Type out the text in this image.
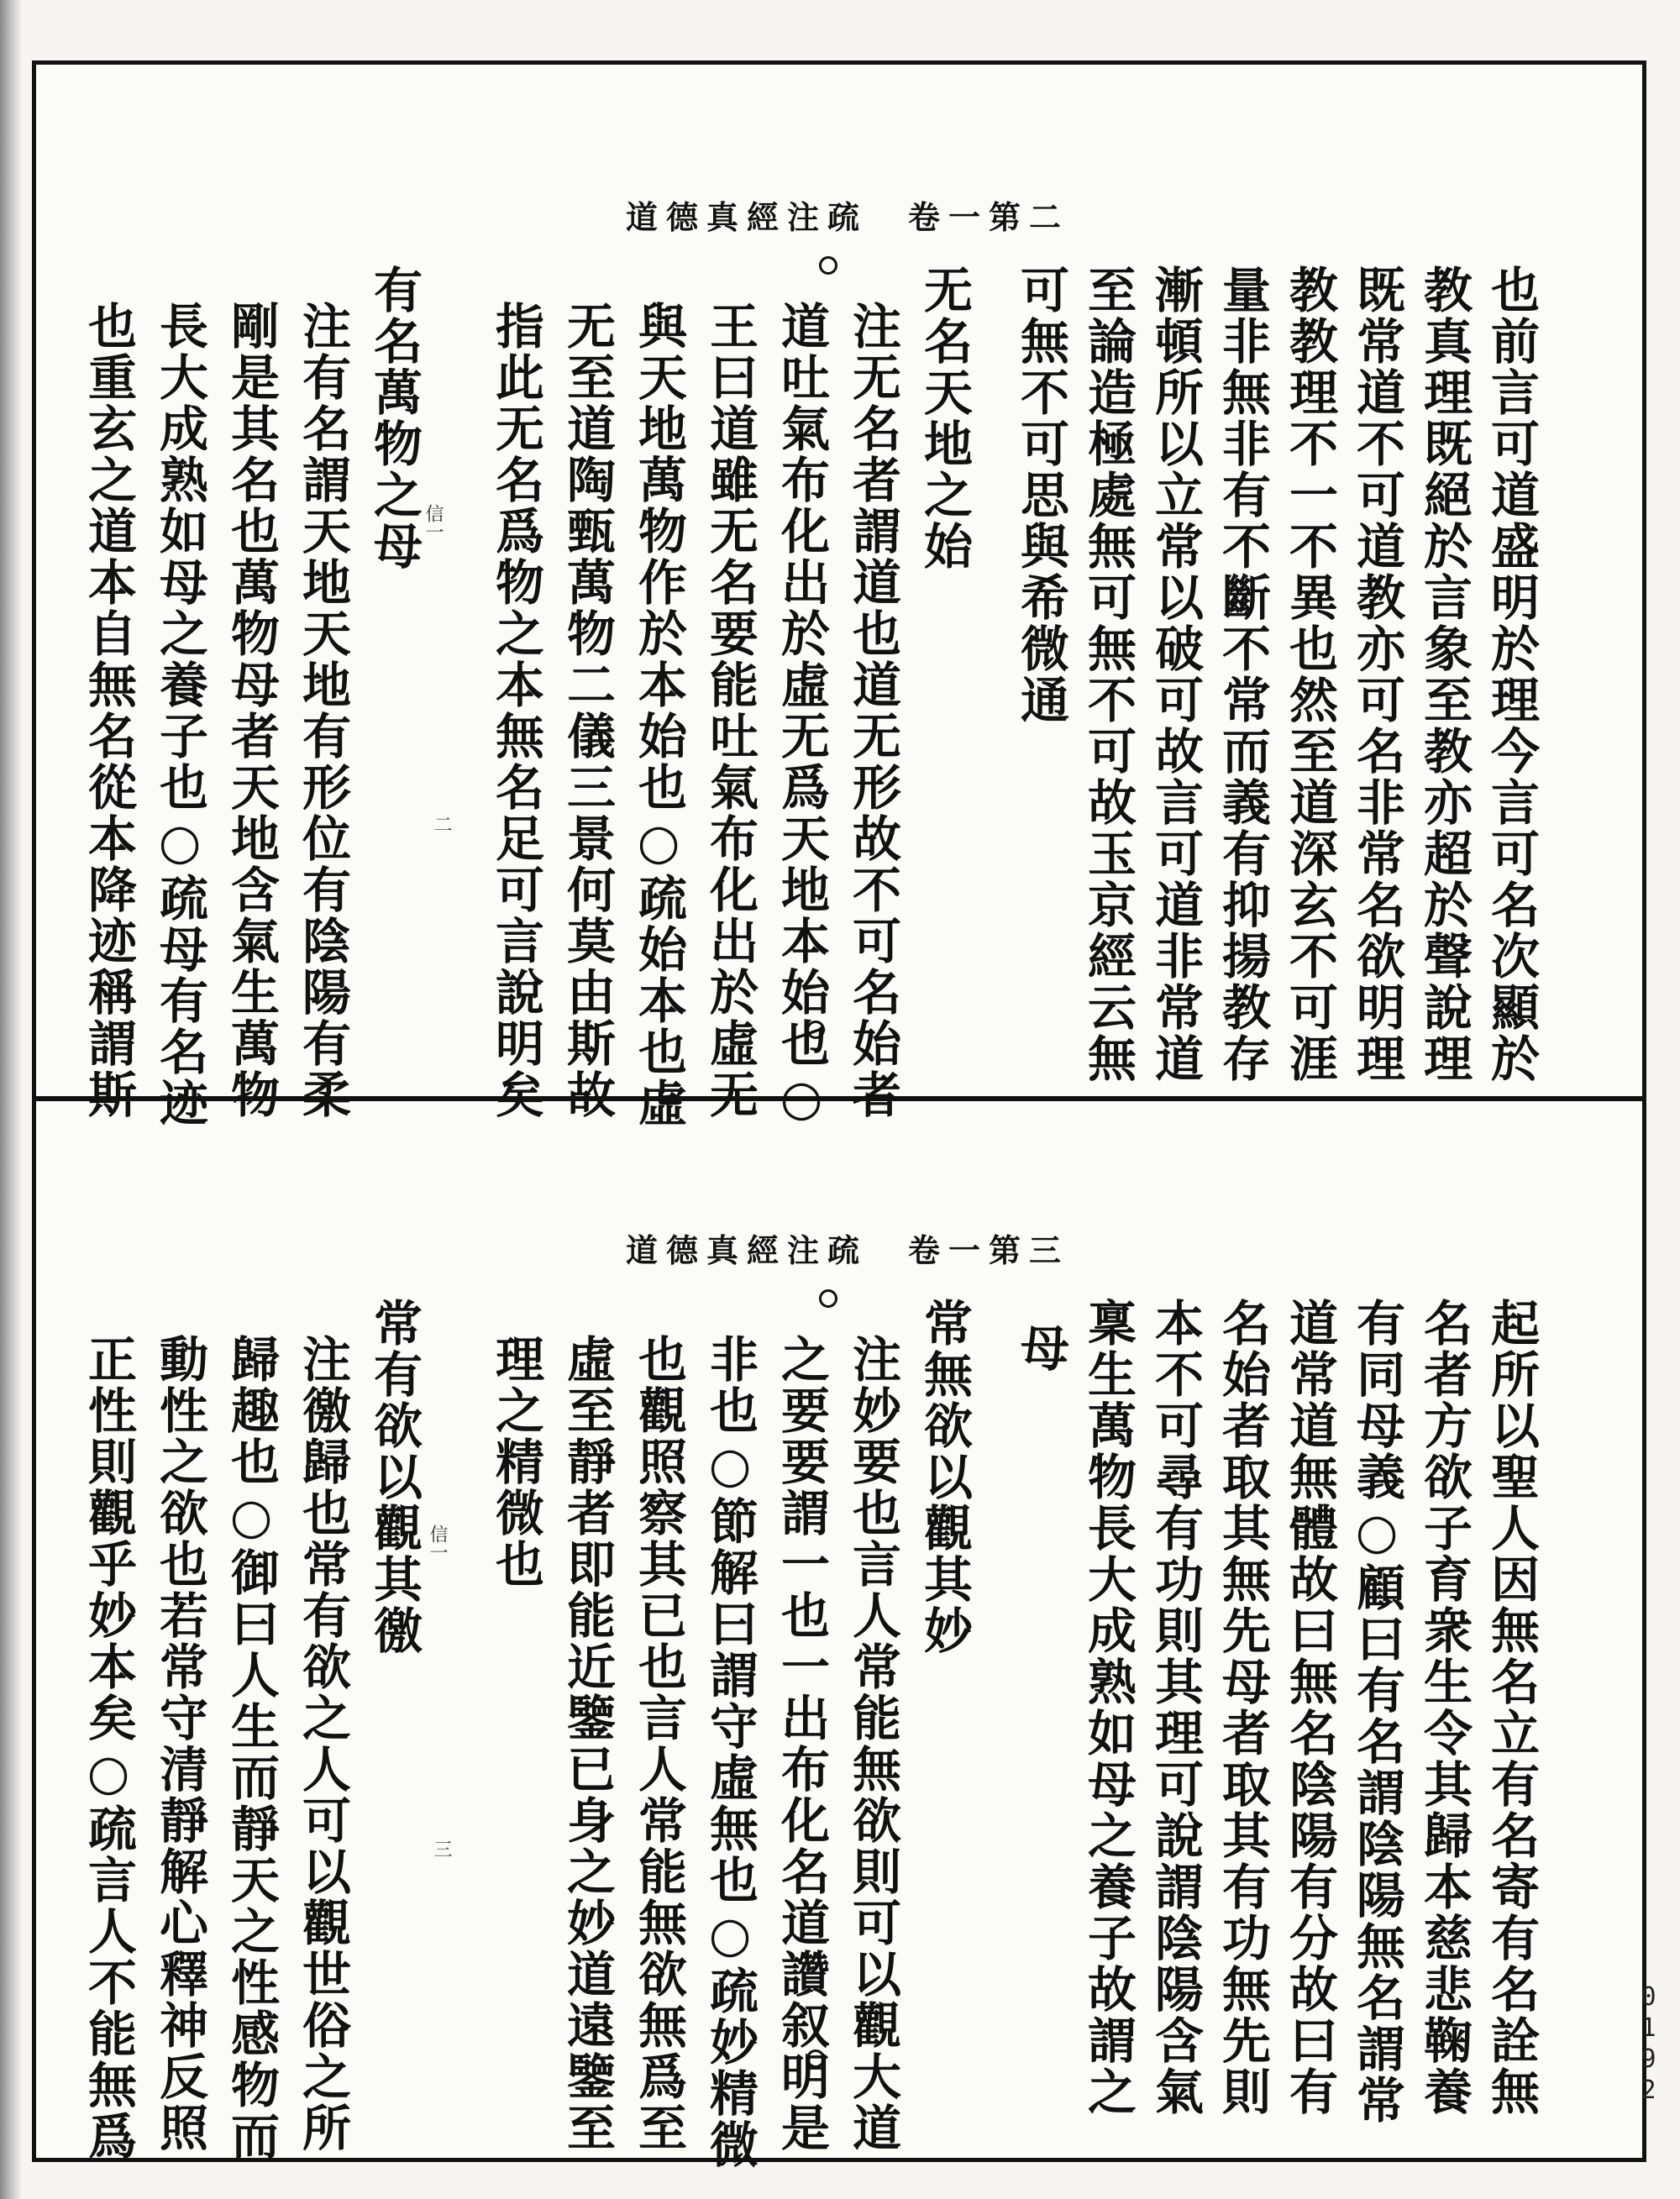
道德真經注疏　卷一第二
也前言可道盛明於理今言可名次顯於
教真理既絕於言象至教亦超於聲說理
既常道不可道教亦可名非常名欲明理
教教理不一不異也然至道深玄不可涯
量非無非有不斷不常而義有抑揚教存
漸頓所以立常以破可故言可道非常道
至論造極處無可無不可故玉京經云無
可無不可思與希微通
无名天地之始
注无名者謂道也道无形故不可名始者
道吐氣布化出於虛无爲天地本始也○
王曰道雖无名要能吐氣布化出於虛无
與天地萬物作於本始也○疏始本也虛
无至道陶甄萬物二儀三景何莫由斯故
指此无名爲物之本無名足可言說明矣
有名萬物之母
注有名謂天地天地有形位有陰陽有柔
剛是其名也萬物母者天地含氣生萬物
長大成熟如母之養子也○疏母有名迹
也重玄之道本自無名從本降迹稱謂斯	信一
二
道德真經注疏　卷一第三
起所以聖人因無名立有名寄有名詮無
名者方欲子育衆生令其歸本慈悲鞠養
有同母義○顧曰有名謂陰陽無名謂常
道常道無體故曰無名陰陽有分故曰有
名始者取其無先母者取其有功無先則
本不可尋有功則其理可說謂陰陽含氣
稟生萬物長大成熟如母之養子故謂之
母
常無欲以觀其妙
注妙要也言人常能無欲則可以觀大道
之要要謂一也一出布化名道讚叙明是
非也○節解曰謂守虛無也○疏妙精微
也觀照察其已也言人常能無欲無爲至
虛至靜者即能近鑒已身之妙道遠鑒至
理之精微也
常有欲以觀其徼
注徼歸也常有欲之人可以觀世俗之所
歸趣也○御曰人生而靜天之性感物而
動性之欲也若常守清靜解心釋神反照
正性則觀乎妙本矣○疏言人不能無爲	信一
三
0192
